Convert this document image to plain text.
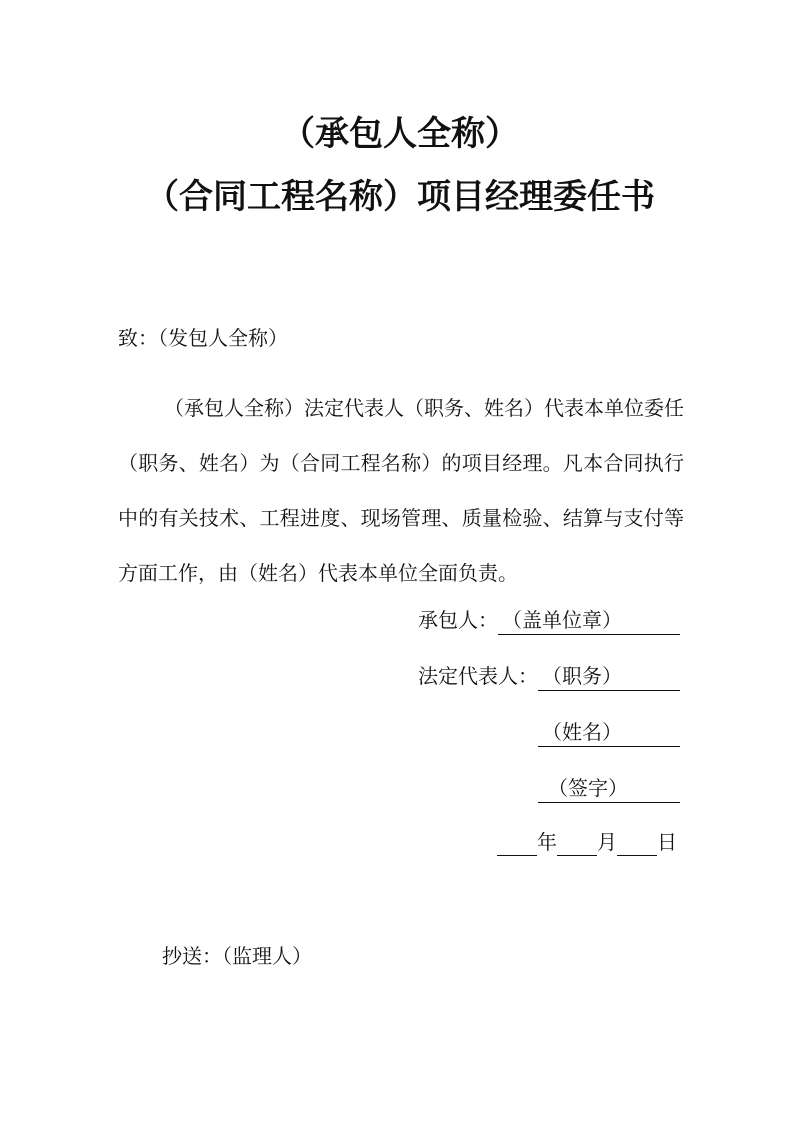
（承包人全称）
（合同工程名称）项目经理委任书
致：（发包人全称）
（承包人全称）法定代表人（职务、姓名）代表本单位委任
（职务、姓名）为（合同工程名称）的项目经理。凡本合同执行
中的有关技术、工程进度、现场管理、质量检验、结算与支付等
方面工作，由（姓名）代表本单位全面负责。
承包人： （盖单位章）
法定代表人： （职务）
（姓名）
（签字）
年 月 日
抄送：（监理人）
